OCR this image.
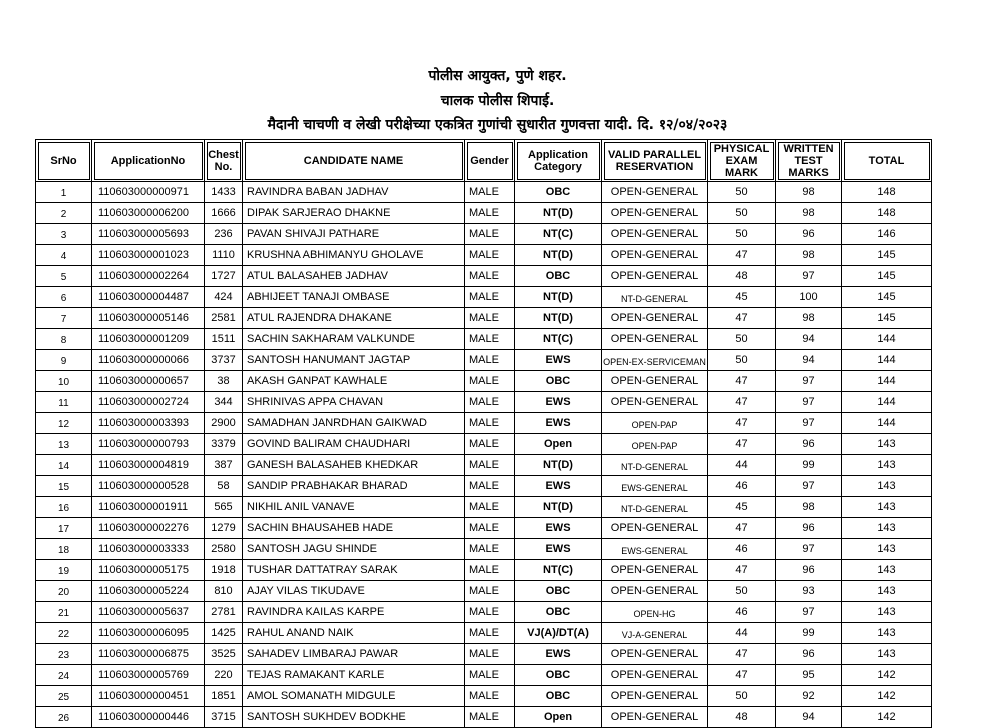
पोलीस आयुक्त, पुणे शहर.
चालक पोलीस शिपाई.
मैदानी चाचणी व लेखी परीक्षेच्या एकत्रित गुणांची सुधारीत गुणवत्ता यादी. दि. १२/०४/२०२३
SrNo	ApplicationNo	Chest No.	CANDIDATE NAME	Gender	Application Category	VALID PARALLEL RESERVATION	PHYSICAL EXAM MARK	WRITTEN TEST MARKS	TOTAL
1	110603000000971	1433	RAVINDRA BABAN JADHAV	MALE	OBC	OPEN-GENERAL	50	98	148
2	110603000006200	1666	DIPAK SARJERAO DHAKNE	MALE	NT(D)	OPEN-GENERAL	50	98	148
3	110603000005693	236	PAVAN SHIVAJI PATHARE	MALE	NT(C)	OPEN-GENERAL	50	96	146
4	110603000001023	1110	KRUSHNA ABHIMANYU GHOLAVE	MALE	NT(D)	OPEN-GENERAL	47	98	145
5	110603000002264	1727	ATUL BALASAHEB JADHAV	MALE	OBC	OPEN-GENERAL	48	97	145
6	110603000004487	424	ABHIJEET TANAJI OMBASE	MALE	NT(D)	NT-D-GENERAL	45	100	145
7	110603000005146	2581	ATUL RAJENDRA DHAKANE	MALE	NT(D)	OPEN-GENERAL	47	98	145
8	110603000001209	1511	SACHIN SAKHARAM VALKUNDE	MALE	NT(C)	OPEN-GENERAL	50	94	144
9	110603000000066	3737	SANTOSH HANUMANT JAGTAP	MALE	EWS	OPEN-EX-SERVICEMAN	50	94	144
10	110603000000657	38	AKASH GANPAT KAWHALE	MALE	OBC	OPEN-GENERAL	47	97	144
11	110603000002724	344	SHRINIVAS APPA CHAVAN	MALE	EWS	OPEN-GENERAL	47	97	144
12	110603000003393	2900	SAMADHAN JANRDHAN GAIKWAD	MALE	EWS	OPEN-PAP	47	97	144
13	110603000000793	3379	GOVIND BALIRAM CHAUDHARI	MALE	Open	OPEN-PAP	47	96	143
14	110603000004819	387	GANESH BALASAHEB KHEDKAR	MALE	NT(D)	NT-D-GENERAL	44	99	143
15	110603000000528	58	SANDIP PRABHAKAR BHARAD	MALE	EWS	EWS-GENERAL	46	97	143
16	110603000001911	565	NIKHIL ANIL VANAVE	MALE	NT(D)	NT-D-GENERAL	45	98	143
17	110603000002276	1279	SACHIN BHAUSAHEB HADE	MALE	EWS	OPEN-GENERAL	47	96	143
18	110603000003333	2580	SANTOSH JAGU SHINDE	MALE	EWS	EWS-GENERAL	46	97	143
19	110603000005175	1918	TUSHAR DATTATRAY SARAK	MALE	NT(C)	OPEN-GENERAL	47	96	143
20	110603000005224	810	AJAY VILAS TIKUDAVE	MALE	OBC	OPEN-GENERAL	50	93	143
21	110603000005637	2781	RAVINDRA KAILAS KARPE	MALE	OBC	OPEN-HG	46	97	143
22	110603000006095	1425	RAHUL ANAND NAIK	MALE	VJ(A)/DT(A)	VJ-A-GENERAL	44	99	143
23	110603000006875	3525	SAHADEV LIMBARAJ PAWAR	MALE	EWS	OPEN-GENERAL	47	96	143
24	110603000005769	220	TEJAS RAMAKANT KARLE	MALE	OBC	OPEN-GENERAL	47	95	142
25	110603000000451	1851	AMOL SOMANATH MIDGULE	MALE	OBC	OPEN-GENERAL	50	92	142
26	110603000000446	3715	SANTOSH SUKHDEV BODKHE	MALE	Open	OPEN-GENERAL	48	94	142
